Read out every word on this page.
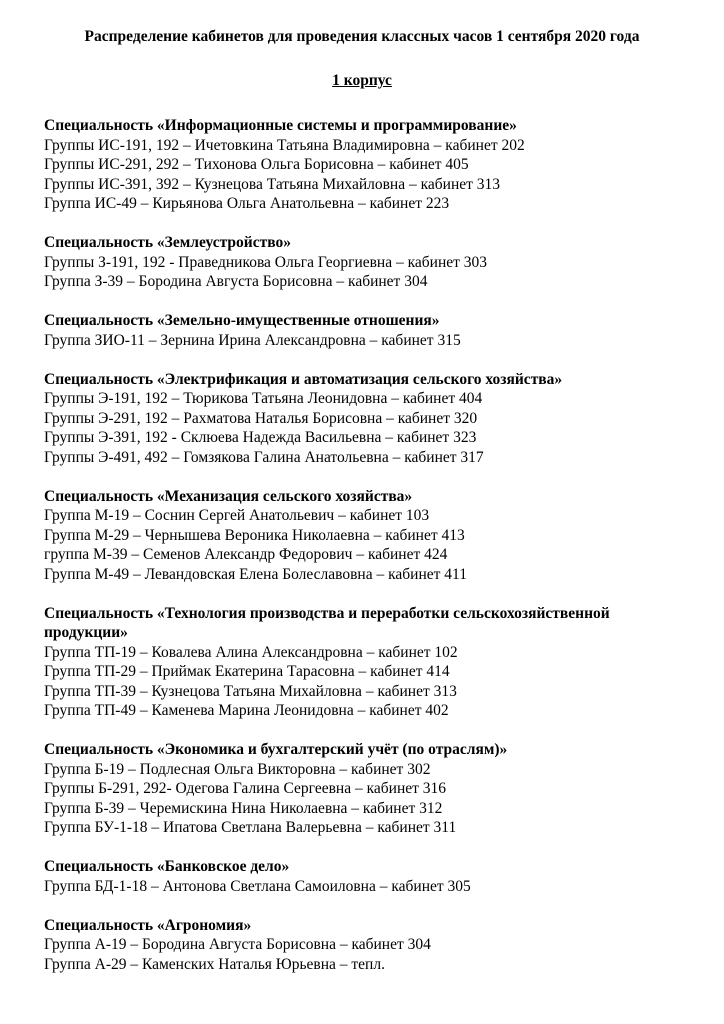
Распределение кабинетов для проведения классных часов 1 сентября 2020 года
1 корпус

Специальность «Информационные системы и программирование»

Группы ИС-191, 192 – Ичетовкина Татьяна Владимировна – кабинет 202

Группы ИС-291, 292 – Тихонова Ольга Борисовна – кабинет 405

Группы ИС-391, 392 – Кузнецова Татьяна Михайловна – кабинет 313

Группа ИС-49 – Кирьянова Ольга Анатольевна – кабинет 223

Специальность «Землеустройство»

Группы З-191, 192 - Праведникова Ольга Георгиевна – кабинет 303

Группа З-39 – Бородина Августа Борисовна – кабинет 304

Специальность «Земельно-имущественные отношения»

Группа ЗИО-11 – Зернина Ирина Александровна – кабинет 315

Специальность «Электрификация и автоматизация сельского хозяйства»

Группы Э-191, 192 – Тюрикова Татьяна Леонидовна – кабинет 404

Группы Э-291, 192 – Рахматова Наталья Борисовна – кабинет 320

Группы Э-391, 192 - Склюева Надежда Васильевна – кабинет 323

Группы Э-491, 492 – Гомзякова Галина Анатольевна – кабинет 317

Специальность «Механизация сельского хозяйства»

Группа М-19 – Соснин Сергей Анатольевич – кабинет 103

Группа М-29 – Чернышева Вероника Николаевна – кабинет 413

группа М-39 – Семенов Александр Федорович – кабинет 424

Группа М-49 – Левандовская Елена Болеславовна – кабинет 411

Специальность «Технология производства и переработки сельскохозяйственной

продукции»

Группа ТП-19 – Ковалева Алина Александровна – кабинет 102

Группа ТП-29 – Приймак Екатерина Тарасовна – кабинет 414

Группа ТП-39 – Кузнецова Татьяна Михайловна – кабинет 313

Группа ТП-49 – Каменева Марина Леонидовна – кабинет 402

Специальность «Экономика и бухгалтерский учёт (по отраслям)»

Группа Б-19 – Подлесная Ольга Викторовна – кабинет 302

Группы Б-291, 292- Одегова Галина Сергеевна – кабинет 316

Группа Б-39 – Черемискина Нина Николаевна – кабинет 312

Группа БУ-1-18 – Ипатова Светлана Валерьевна – кабинет 311

Специальность «Банковское дело»

Группа БД-1-18 – Антонова Светлана Самоиловна – кабинет 305

Специальность «Агрономия»

Группа А-19 – Бородина Августа Борисовна – кабинет 304

Группа А-29 – Каменских Наталья Юрьевна – тепл.
